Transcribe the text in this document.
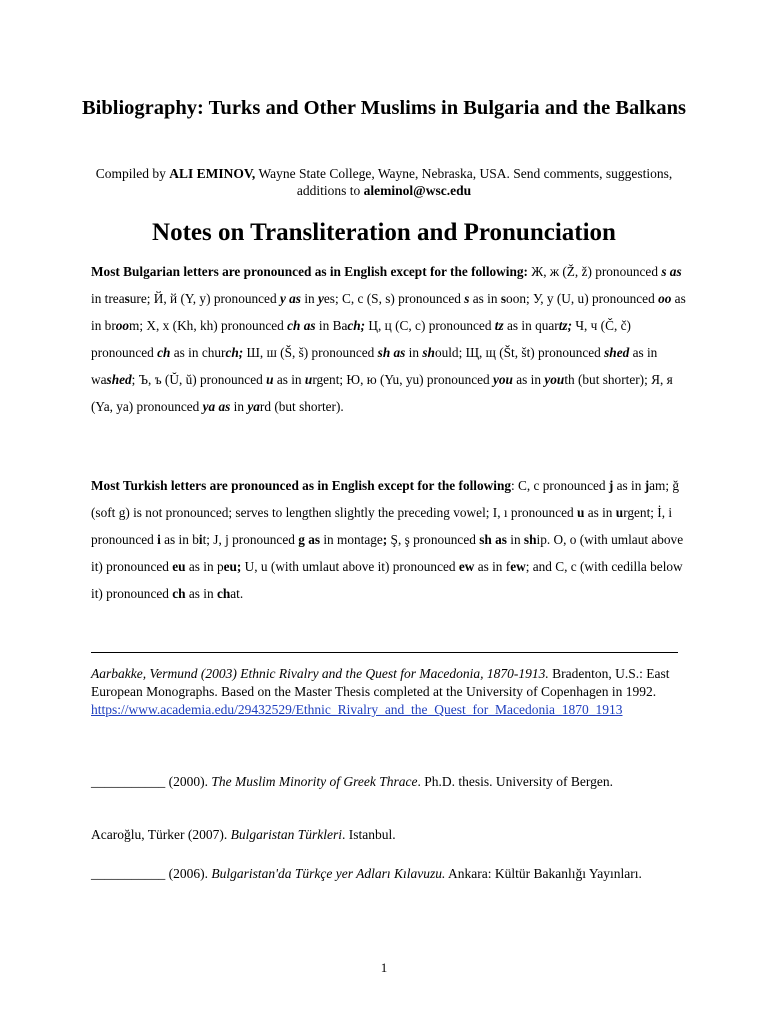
Bibliography: Turks and Other Muslims in Bulgaria and the Balkans
Compiled by ALI EMINOV, Wayne State College, Wayne, Nebraska, USA. Send comments, suggestions, additions to aleminol@wsc.edu
Notes on Transliteration and Pronunciation

Most Bulgarian letters are pronounced as in English except for the following: Ж, ж (Ž, ž) pronounced s as in treasure; Й, й (Y, y) pronounced y as in yes; С, с (S, s) pronounced s as in soon; У, у (U, u) pronounced oo as in broom; Х, х (Kh, kh) pronounced ch as in Bach; Ц, ц (C, c) pronounced tz as in quartz; Ч, ч (Č, č) pronounced ch as in church; Ш, ш (Š, š) pronounced sh as in should; Щ, щ (Št, št) pronounced shed as in washed; Ъ, ъ (Ŭ, ŭ) pronounced u as in urgent; Ю, ю (Yu, yu) pronounced you as in youth (but shorter); Я, я (Ya, ya) pronounced ya as in yard (but shorter).

Most Turkish letters are pronounced as in English except for the following: C, c pronounced j as in jam; ğ (soft g) is not pronounced; serves to lengthen slightly the preceding vowel; I, ı pronounced u as in urgent; İ, i pronounced i as in bit; J, j pronounced g as in montage; Ş, ş pronounced sh as in ship. O, o (with umlaut above it) pronounced eu as in peu; U, u (with umlaut above it) pronounced ew as in few; and C, c (with cedilla below it) pronounced ch as in chat.

Aarbakke, Vermund (2003) Ethnic Rivalry and the Quest for Macedonia, 1870-1913. Bradenton, U.S.: East European Monographs. Based on the Master Thesis completed at the University of Copenhagen in 1992.
https://www.academia.edu/29432529/Ethnic_Rivalry_and_the_Quest_for_Macedonia_1870_1913

___________ (2000). The Muslim Minority of Greek Thrace. Ph.D. thesis. University of Bergen.

Acaroğlu, Türker (2007). Bulgaristan Türkleri. Istanbul.

___________ (2006). Bulgaristan'da Türkçe yer Adları Kılavuzu. Ankara: Kültür Bakanlığı Yayınları.

1
